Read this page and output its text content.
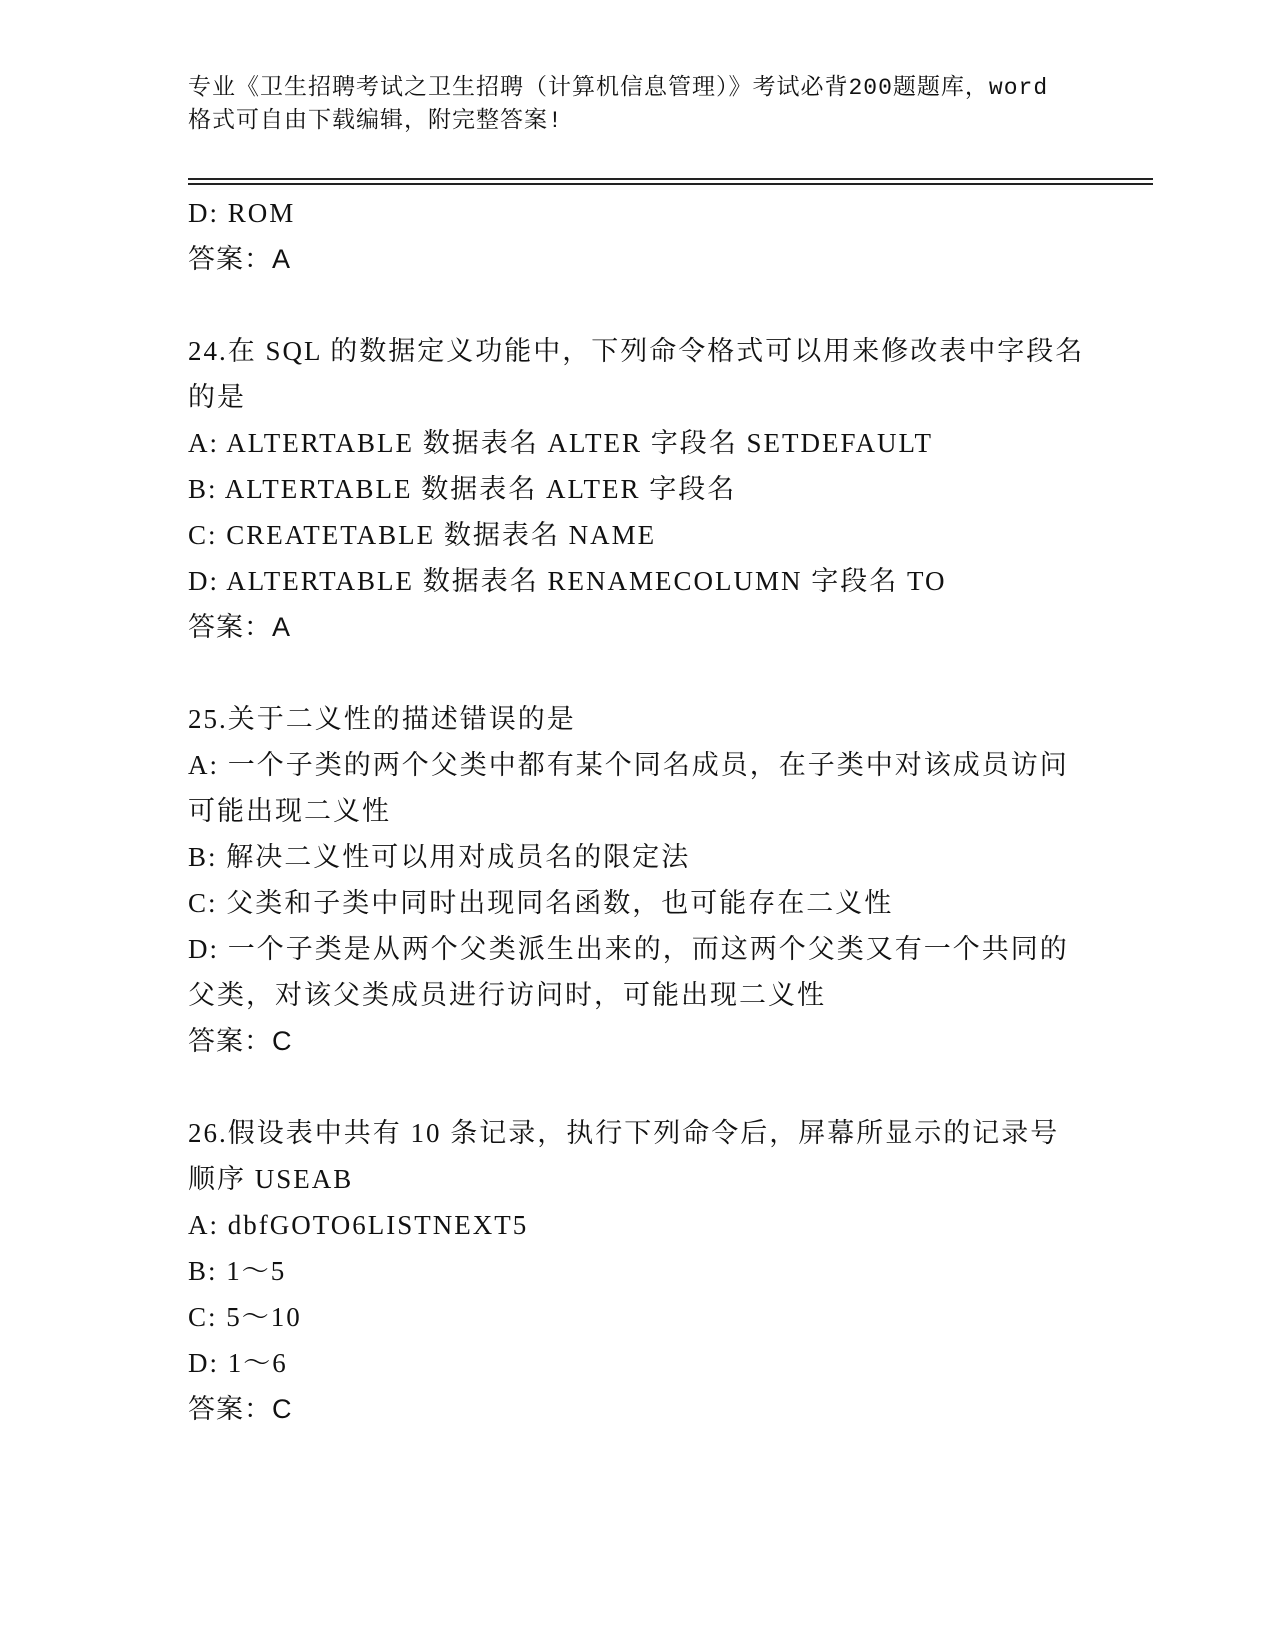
专业《卫生招聘考试之卫生招聘（计算机信息管理）》考试必背200题题库，word
格式可自由下载编辑，附完整答案!

D: ROM

答案：A

24.在 SQL 的数据定义功能中，下列命令格式可以用来修改表中字段名

的是

A: ALTERTABLE 数据表名 ALTER 字段名 SETDEFAULT

B: ALTERTABLE 数据表名 ALTER 字段名

C: CREATETABLE 数据表名 NAME

D: ALTERTABLE 数据表名 RENAMECOLUMN 字段名 TO

答案：A

25.关于二义性的描述错误的是

A: 一个子类的两个父类中都有某个同名成员，在子类中对该成员访问

可能出现二义性

B: 解决二义性可以用对成员名的限定法

C: 父类和子类中同时出现同名函数，也可能存在二义性

D: 一个子类是从两个父类派生出来的，而这两个父类又有一个共同的

父类，对该父类成员进行访问时，可能出现二义性

答案：C

26.假设表中共有 10 条记录，执行下列命令后，屏幕所显示的记录号

顺序 USEAB

A: dbfGOTO6LISTNEXT5

B: 1～5

C: 5～10

D: 1～6

答案：C
